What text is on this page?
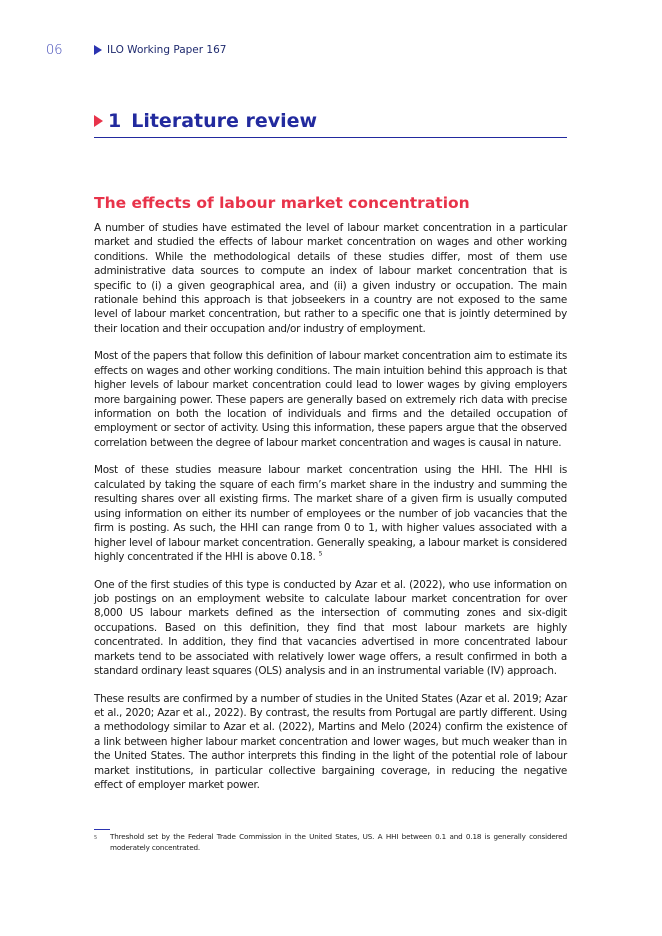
06	ILO Working Paper 167
1 Literature review
The effects of labour market concentration

A number of studies have estimated the level of labour market concentration in a particular market and studied the effects of labour market concentration on wages and other working conditions. While the methodological details of these studies differ, most of them use administrative data sources to compute an index of labour market concentration that is specific to (i) a given geographical area, and (ii) a given industry or occupation. The main rationale behind this approach is that jobseekers in a country are not exposed to the same level of labour market concentration, but rather to a specific one that is jointly determined by their location and their occupation and/or industry of employment.

Most of the papers that follow this definition of labour market concentration aim to estimate its effects on wages and other working conditions. The main intuition behind this approach is that higher levels of labour market concentration could lead to lower wages by giving employers more bargaining power. These papers are generally based on extremely rich data with precise information on both the location of individuals and firms and the detailed occupation of employment or sector of activity. Using this information, these papers argue that the observed correlation between the degree of labour market concentration and wages is causal in nature.

Most of these studies measure labour market concentration using the HHI. The HHI is calculated by taking the square of each firm’s market share in the industry and summing the resulting shares over all existing firms. The market share of a given firm is usually computed using information on either its number of employees or the number of job vacancies that the firm is posting. As such, the HHI can range from 0 to 1, with higher values associated with a higher level of labour market concentration. Generally speaking, a labour market is considered highly concentrated if the HHI is above 0.18. $^5$

One of the first studies of this type is conducted by Azar et al. (2022), who use information on job postings on an employment website to calculate labour market concentration for over 8,000 US labour markets defined as the intersection of commuting zones and six-digit occupations. Based on this definition, they find that most labour markets are highly concentrated. In addition, they find that vacancies advertised in more concentrated labour markets tend to be associated with relatively lower wage offers, a result confirmed in both a standard ordinary least squares (OLS) analysis and in an instrumental variable (IV) approach.

These results are confirmed by a number of studies in the United States (Azar et al. 2019; Azar et al., 2020; Azar et al., 2022). By contrast, the results from Portugal are partly different. Using a methodology similar to Azar et al. (2022), Martins and Melo (2024) confirm the existence of a link between higher labour market concentration and lower wages, but much weaker than in the United States. The author interprets this finding in the light of the potential role of labour market institutions, in particular collective bargaining coverage, in reducing the negative effect of employer market power.

5	Threshold set by the Federal Trade Commission in the United States, US. A HHI between 0.1 and 0.18 is generally considered moderately concentrated.
